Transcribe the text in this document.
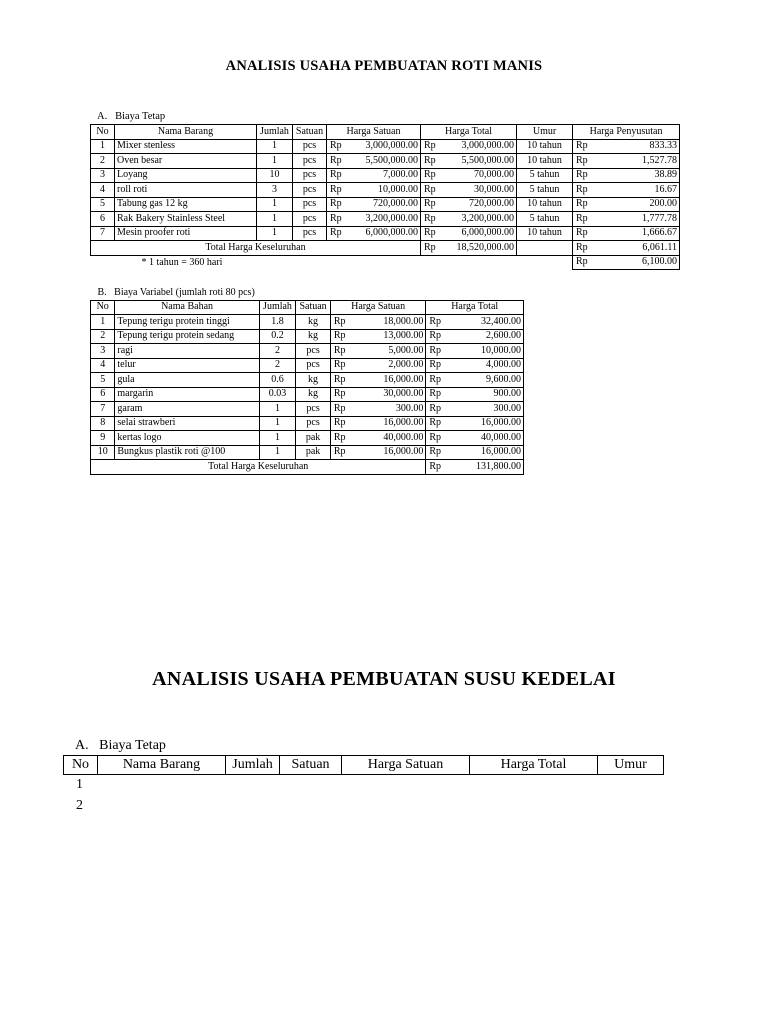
ANALISIS USAHA PEMBUATAN ROTI MANIS
A.   Biaya Tetap
No	Nama Barang	Jumlah	Satuan	Harga Satuan		Harga Total		Umur	Harga Penyusutan	
1	Mixer stenless	1	pcs	Rp	3,000,000.00	Rp	3,000,000.00	10 tahun	Rp	833.33
2	Oven besar	1	pcs	Rp	5,500,000.00	Rp	5,500,000.00	10 tahun	Rp	1,527.78
3	Loyang	10	pcs	Rp	7,000.00	Rp	70,000.00	5 tahun	Rp	38.89
4	roll roti	3	pcs	Rp	10,000.00	Rp	30,000.00	5 tahun	Rp	16.67
5	Tabung gas 12 kg	1	pcs	Rp	720,000.00	Rp	720,000.00	10 tahun	Rp	200.00
6	Rak Bakery Stainless Steel	1	pcs	Rp	3,200,000.00	Rp	3,200,000.00	5 tahun	Rp	1,777.78
7	Mesin proofer roti	1	pcs	Rp	6,000,000.00	Rp	6,000,000.00	10 tahun	Rp	1,666.67
Total Harga Keseluruhan						Rp	18,520,000.00		Rp	6,061.11
	* 1 tahun = 360 hari								Rp	6,100.00
B.   Biaya Variabel (jumlah roti 80 pcs)							
No	Nama Bahan	Jumlah	Satuan	Harga Satuan		Harga Total	
1	Tepung terigu protein tinggi	1.8	kg	Rp	18,000.00	Rp	32,400.00
2	Tepung terigu protein sedang	0.2	kg	Rp	13,000.00	Rp	2,600.00
3	ragi	2	pcs	Rp	5,000.00	Rp	10,000.00
4	telur	2	pcs	Rp	2,000.00	Rp	4,000.00
5	gula	0.6	kg	Rp	16,000.00	Rp	9,600.00
6	margarin	0.03	kg	Rp	30,000.00	Rp	900.00
7	garam	1	pcs	Rp	300.00	Rp	300.00
8	selai strawberi	1	pcs	Rp	16,000.00	Rp	16,000.00
9	kertas logo	1	pak	Rp	40,000.00	Rp	40,000.00
10	Bungkus plastik roti @100	1	pak	Rp	16,000.00	Rp	16,000.00
Total Harga Keseluruhan						Rp	131,800.00
ANALISIS USAHA PEMBUATAN SUSU KEDELAI
A.   Biaya Tetap
No	Nama Barang	Jumlah	Satuan	Harga Satuan	Harga Total	Umur
1
2
